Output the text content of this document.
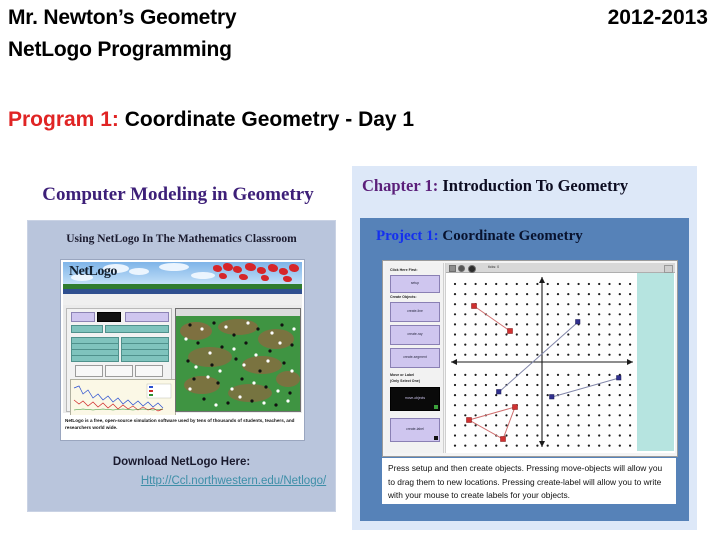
Mr. Newton’s Geometry	2012-2013
NetLogo Programming
Program 1: Coordinate Geometry - Day 1
Computer Modeling in Geometry
Using NetLogo In The Mathematics Classroom
NetLogo
NetLogo is a free, open-source simulation software used by tens of thousands of students, teachers, and researchers world wide.
Download NetLogo Here:
Http://Ccl.northwestern.edu/Netlogo/
Chapter 1: Introduction To Geometry
Project 1: Coordinate Geometry
Click Here First:
setup
Create Objects:
create-line
create-ray
create-segment
Move or Label
(Only Select One)
move-objects
create-label
ticks: 0
Press setup and then create objects. Pressing move-objects will allow you to drag them to new locations. Pressing create-label will allow you to write with your mouse to create labels for your objects.
